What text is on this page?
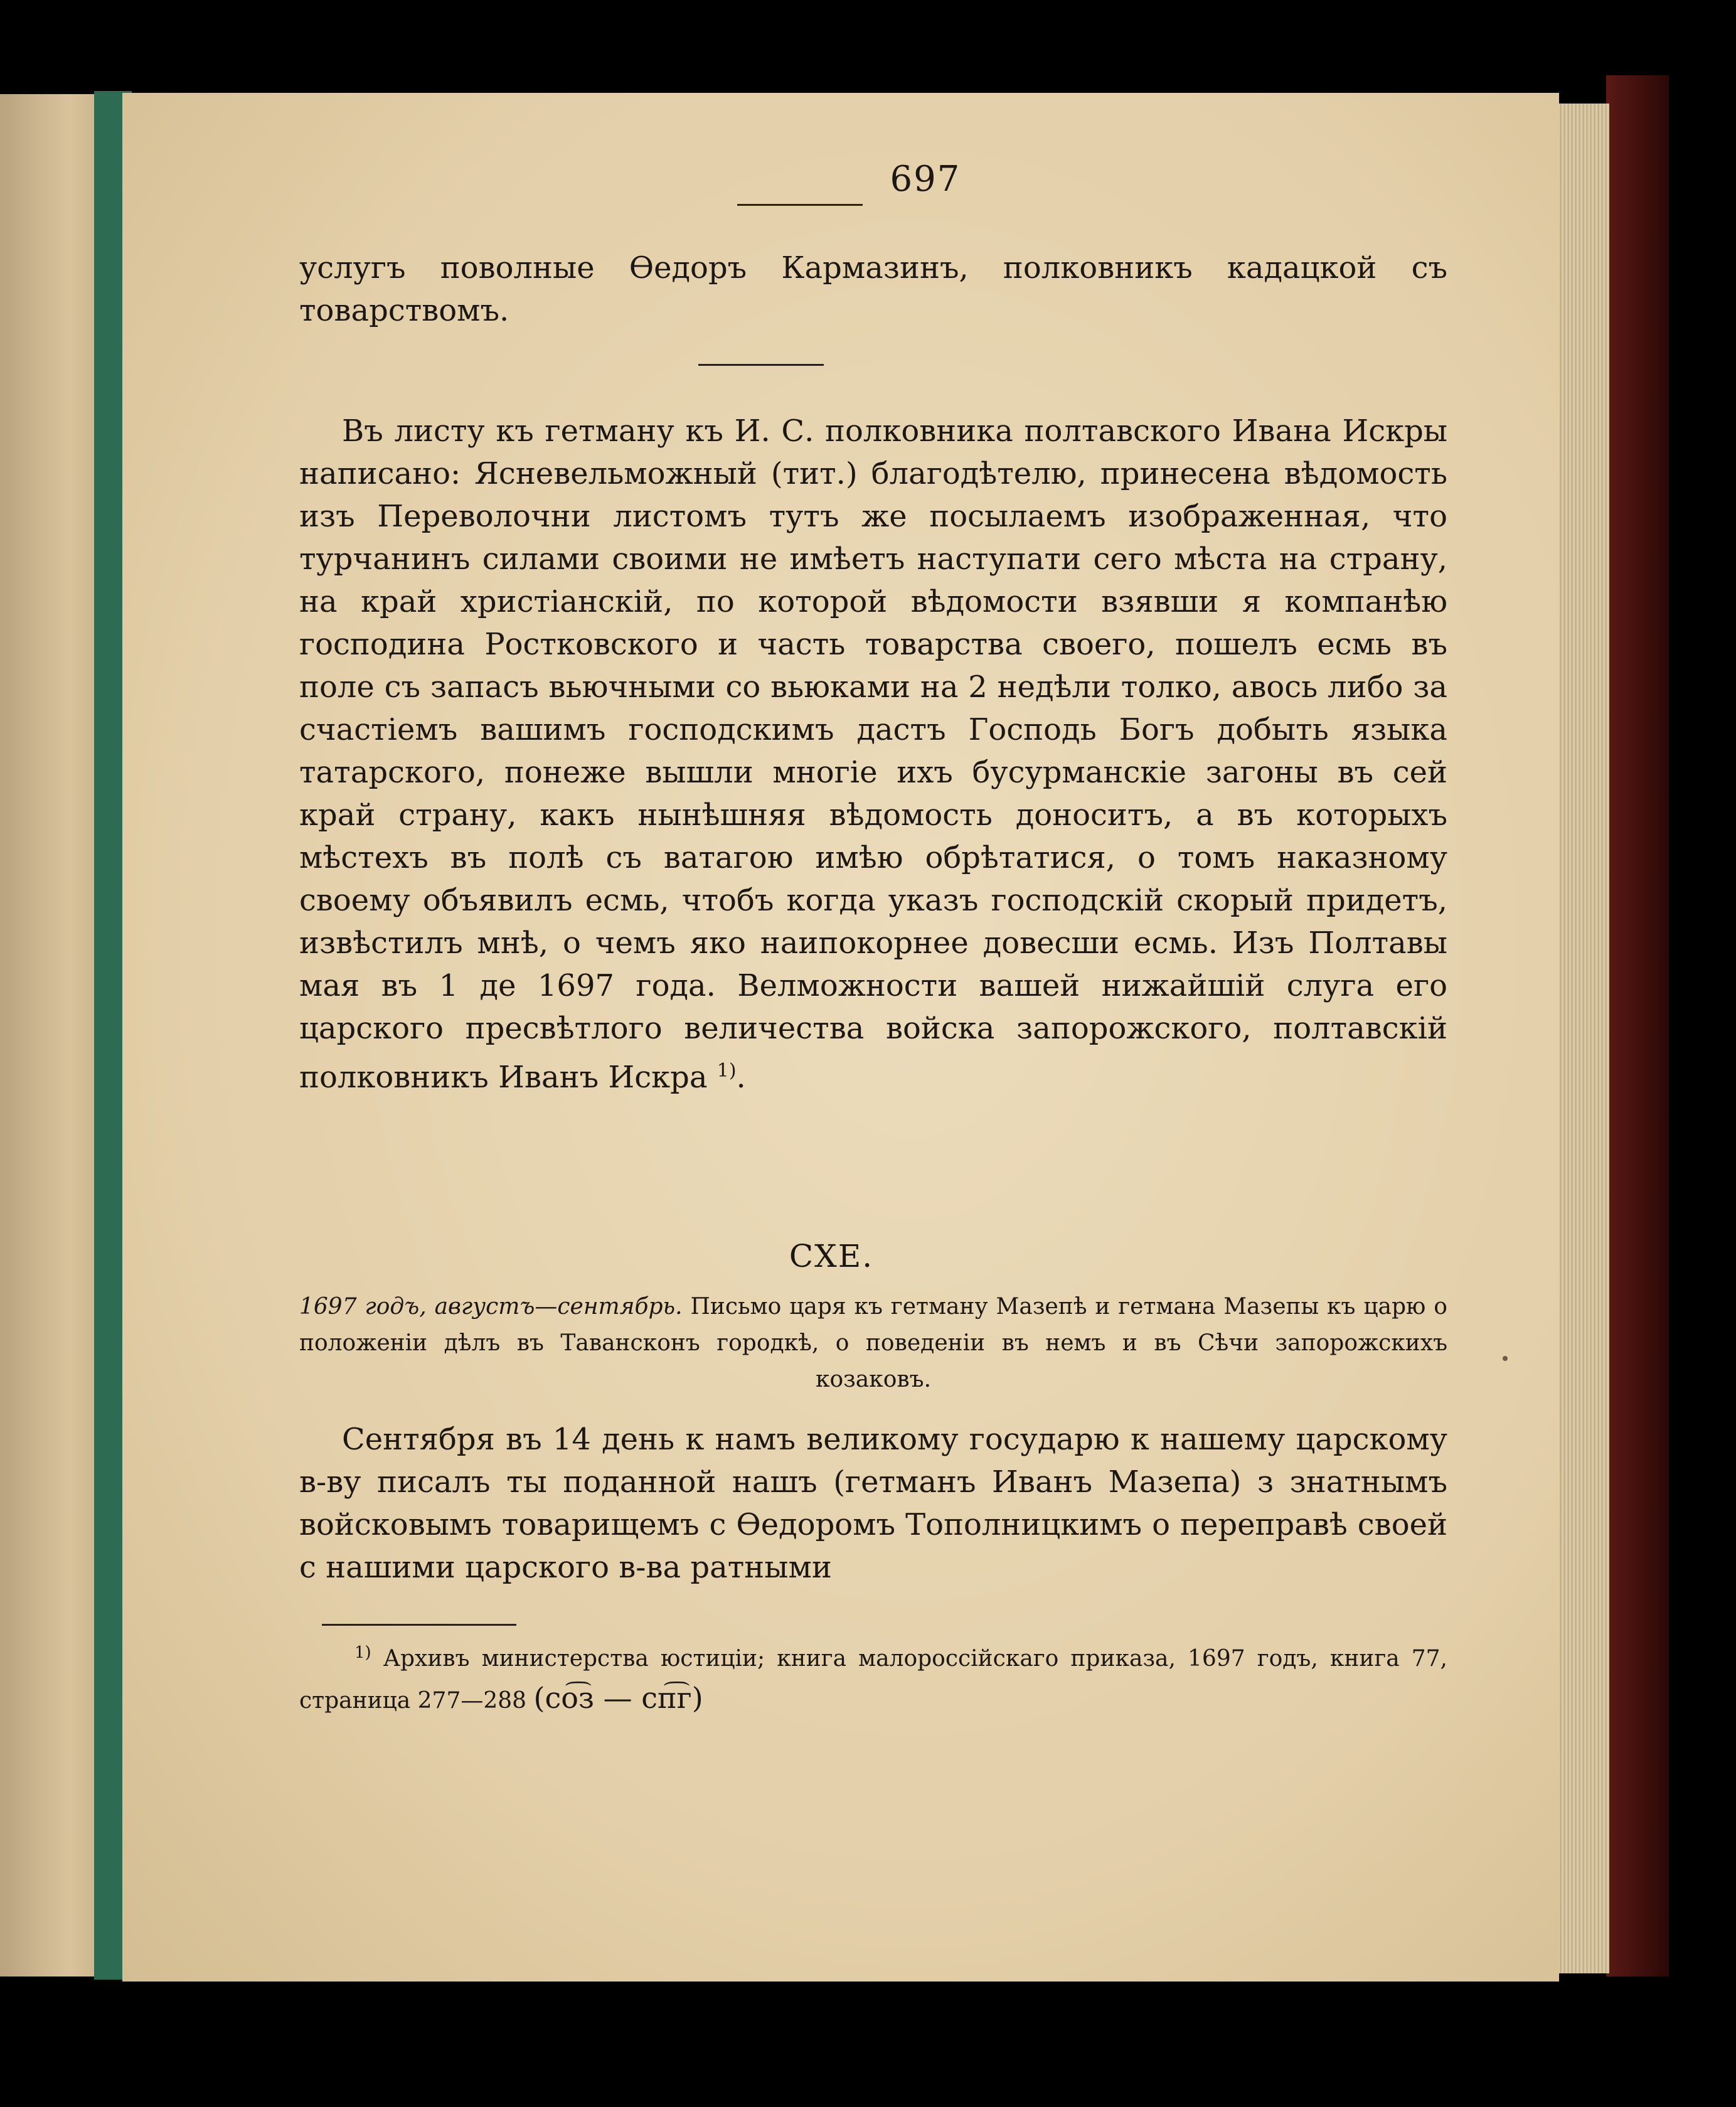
697

услугъ поволные Өедоръ Кармазинъ, полковникъ кадацкой съ товарствомъ.

Въ листу къ гетману къ И. С. полковника полтавского Ивана Искры написано: Ясневельможный (тит.) благодѣтелю, принесена вѣдомость изъ Переволочни листомъ тутъ же посылаемъ изображенная, что турчанинъ силами своими не имѣетъ наступати сего мѣста на страну, на край христіанскій, по которой вѣдомости взявши я компанѣю господина Ростковского и часть товарства своего, пошелъ есмь въ поле съ запасъ вьючными со вьюками на 2 недѣли толко, авось либо за счастіемъ вашимъ господскимъ дастъ Господь Богъ добыть языка татарского, понеже вышли многіе ихъ бусурманскіе загоны въ сей край страну, какъ нынѣшняя вѣдомость доноситъ, а въ которыхъ мѣстехъ въ полѣ съ ватагою имѣю обрѣтатися, о томъ наказному своему объявилъ есмь, чтобъ когда указъ господскій скорый придетъ, извѣстилъ мнѣ, о чемъ яко наипокорнее довесши есмь. Изъ Полтавы мая въ 1 де 1697 года. Велможности вашей нижайшій слуга его царского пресвѣтлого величества войска запорожского, полтавскій полковникъ Иванъ Искра $^{1)}$.

CXE.

1697 годъ, августъ—сентябрь. Письмо царя къ гетману Мазепѣ и гетмана Мазепы къ царю о положеніи дѣлъ въ Тавансконъ городкѣ, о поведеніи въ немъ и въ Сѣчи запорожскихъ козаковъ.

Сентября въ 14 день к намъ великому государю к нашему царскому в-ву писалъ ты поданной нашъ (гетманъ Иванъ Мазепа) з знатнымъ войсковымъ товарищемъ с Өедоромъ Тополницкимъ о переправѣ своей с нашими царского в-ва ратными

$^{1)}$ Архивъ министерства юстиціи; книга малороссійскаго приказа, 1697 годъ, книга 77, страница 277—288 (ϲо͡з — ϲп͡г)
